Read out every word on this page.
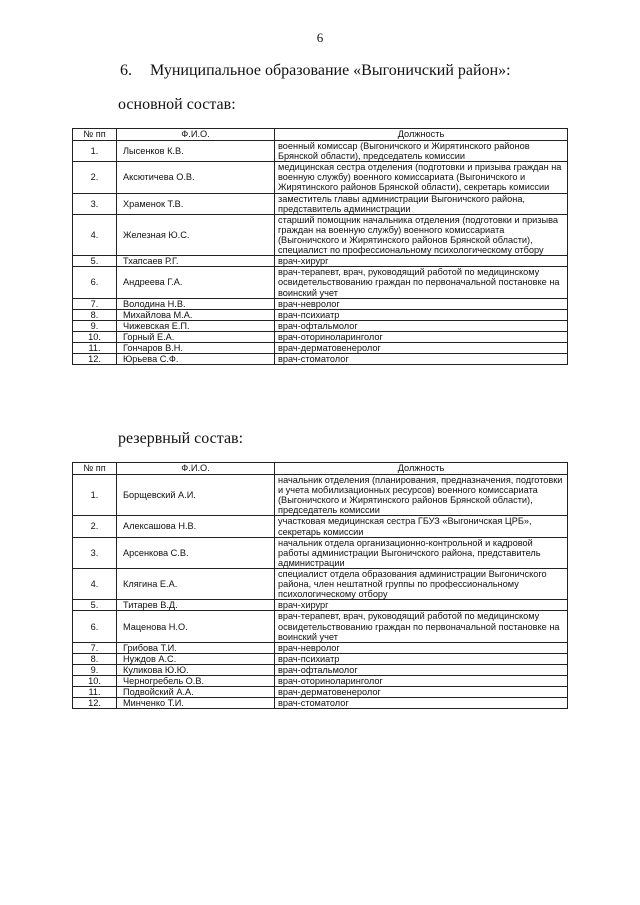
6
6. Муниципальное образование «Выгоничский район»:
основной состав:
№ пп	Ф.И.О.	Должность
1.	Лысенков К.В.	военный комиссар (Выгоничского и Жирятинского районов Брянской области), председатель комиссии
2.	Аксютичева О.В.	медицинская сестра отделения (подготовки и призыва граждан на военную службу) военного комиссариата (Выгоничского и Жирятинского районов Брянской области), секретарь комиссии
3.	Храменок Т.В.	заместитель главы администрации Выгоничского района, представитель администрации
4.	Железная Ю.С.	старший помощник начальника отделения (подготовки и призыва граждан на военную службу) военного комиссариата (Выгоничского и Жирятинского районов Брянской области), специалист по профессиональному психологическому отбору
5.	Тхапсаев Р.Г.	врач-хирург
6.	Андреева Г.А.	врач-терапевт, врач, руководящий работой по медицинскому освидетельствованию граждан по первоначальной постановке на воинский учет
7.	Володина Н.В.	врач-невролог
8.	Михайлова М.А.	врач-психиатр
9.	Чижевская Е.П.	врач-офтальмолог
10.	Горный Е.А.	врач-оториноларинголог
11.	Гончаров В.Н.	врач-дерматовенеролог
12.	Юрьева С.Ф.	врач-стоматолог
резервный состав:
№ пп	Ф.И.О.	Должность
1.	Борщевский А.И.	начальник отделения (планирования, предназначения, подготовки и учета мобилизационных ресурсов) военного комиссариата (Выгоничского и Жирятинского районов Брянской области), председатель комиссии
2.	Алексашова Н.В.	участковая медицинская сестра ГБУЗ «Выгоничская ЦРБ», секретарь комиссии
3.	Арсенкова С.В.	начальник отдела организационно-контрольной и кадровой работы администрации Выгоничского района, представитель администрации
4.	Клягина Е.А.	специалист отдела образования администрации Выгоничского района, член нештатной группы по профессиональному психологическому отбору
5.	Титарев В.Д.	врач-хирург
6.	Маценова Н.О.	врач-терапевт, врач, руководящий работой по медицинскому освидетельствованию граждан по первоначальной постановке на воинский учет
7.	Грибова Т.И.	врач-невролог
8.	Нуждов А.С.	врач-психиатр
9.	Куликова Ю.Ю.	врач-офтальмолог
10.	Черногребель О.В.	врач-оториноларинголог
11.	Подвойский А.А.	врач-дерматовенеролог
12.	Минченко Т.И.	врач-стоматолог
